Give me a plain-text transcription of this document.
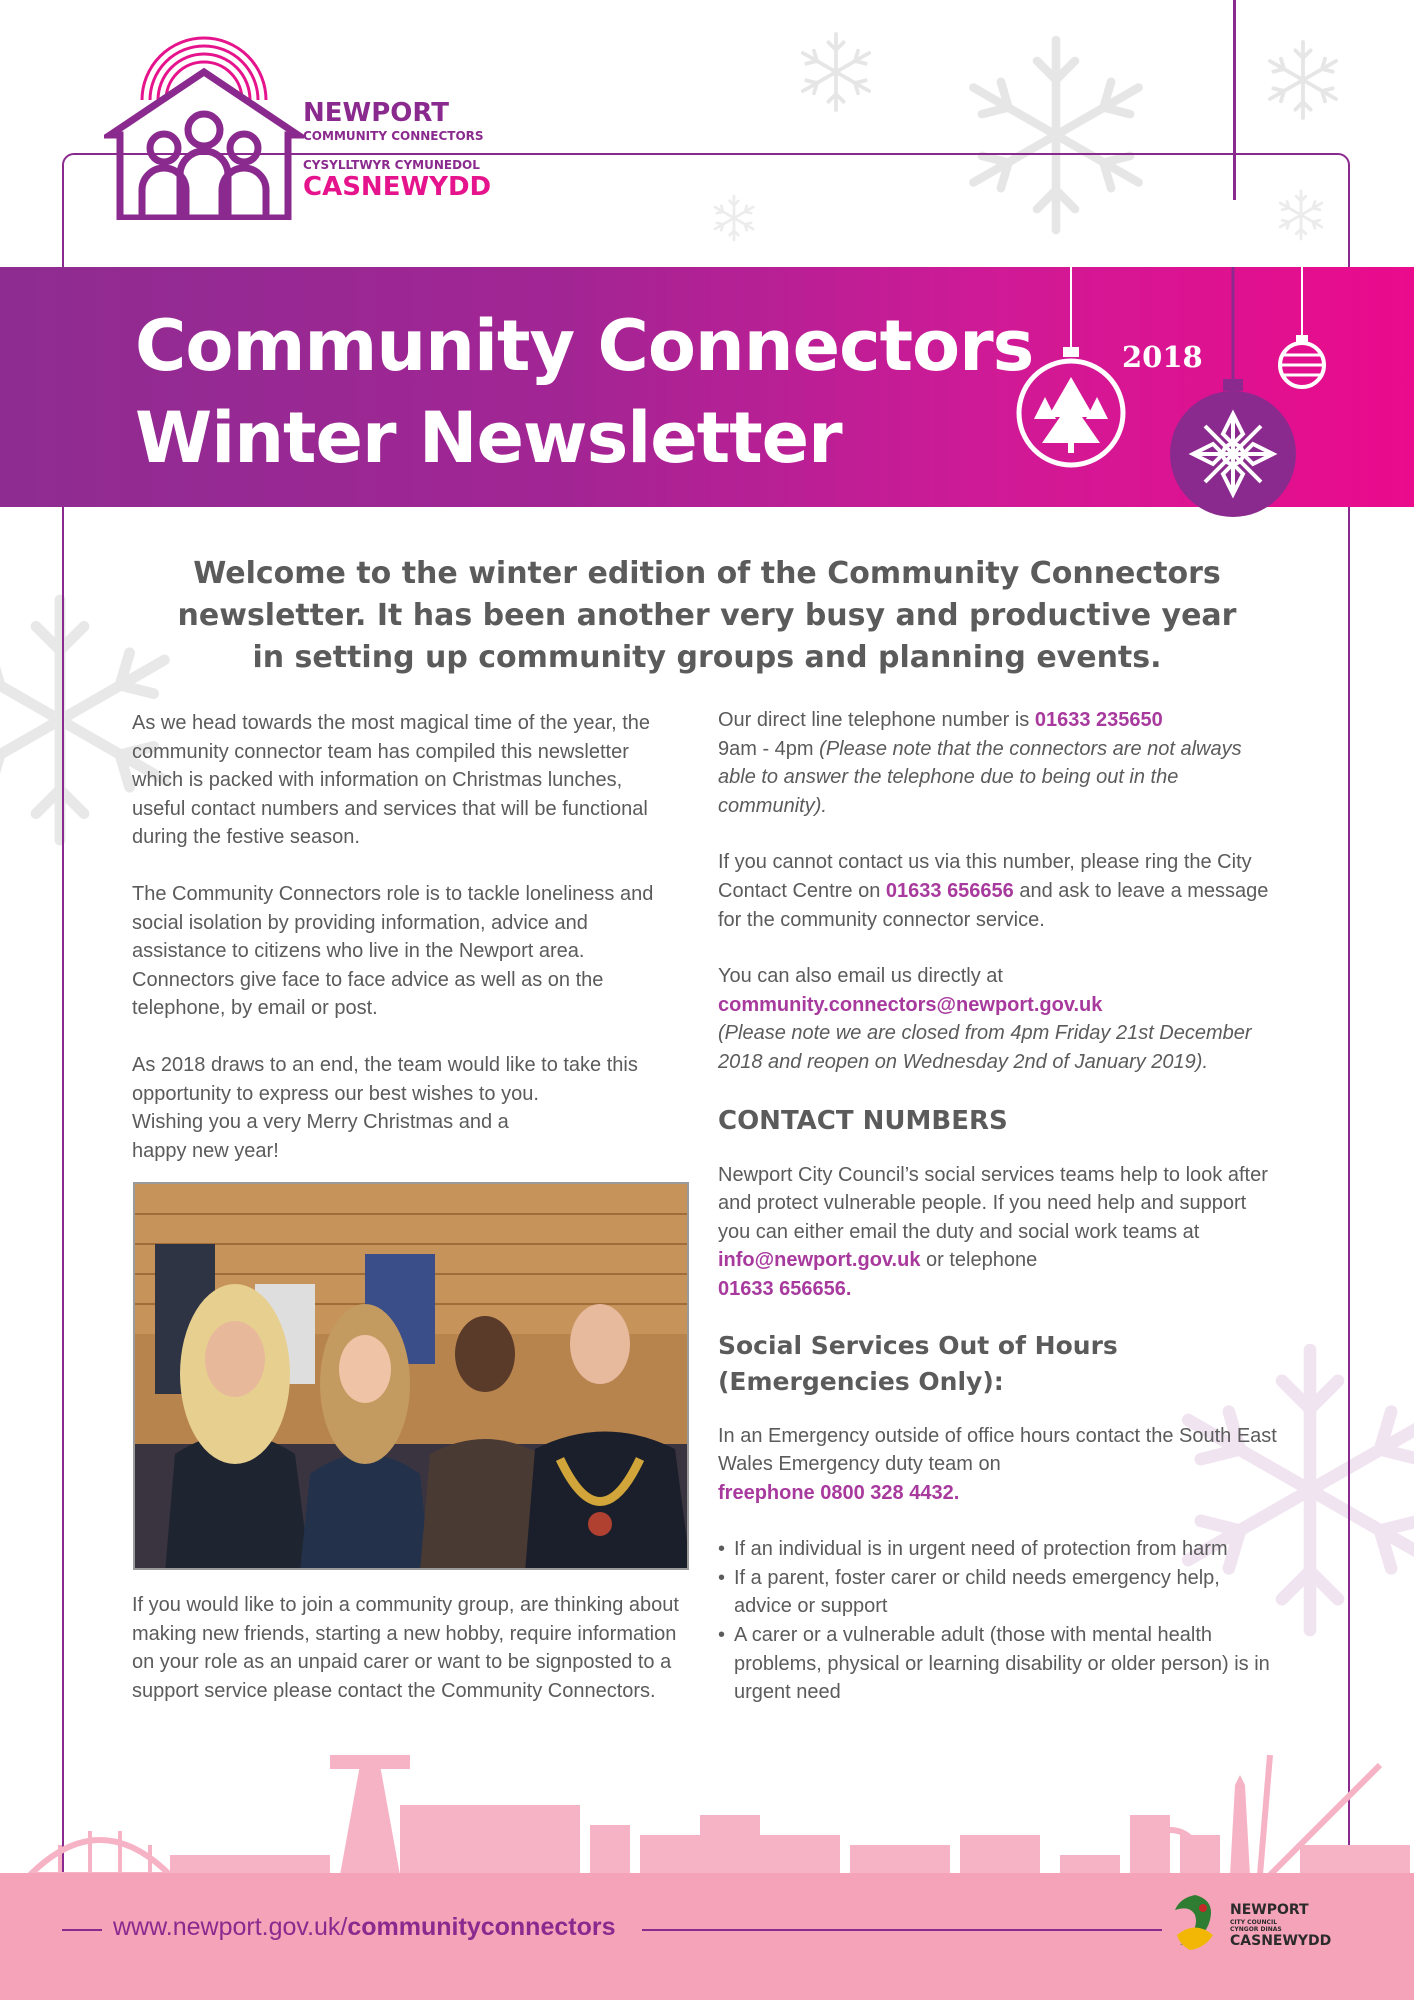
NEWPORT
COMMUNITY CONNECTORS
CYSYLLTWYR CYMUNEDOL
CASNEWYDD
Community Connectors
Winter Newsletter
2018
Welcome to the winter edition of the Community Connectors
newsletter. It has been another very busy and productive year
in setting up community groups and planning events.

As we head towards the most magical time of the year, the community connector team has compiled this newsletter which is packed with information on Christmas lunches, useful contact numbers and services that will be functional during the festive season.

The Community Connectors role is to tackle loneliness and social isolation by providing information, advice and assistance to citizens who live in the Newport area. Connectors give face to face advice as well as on the telephone, by email or post.

As 2018 draws to an end, the team would like to take this opportunity to express our best wishes to you.
Wishing you a very Merry Christmas and a
happy new year!

If you would like to join a community group, are thinking about making new friends, starting a new hobby, require information on your role as an unpaid carer or want to be signposted to a support service please contact the Community Connectors.

Our direct line telephone number is 01633 235650
9am - 4pm (Please note that the connectors are not always able to answer the telephone due to being out in the community).

If you cannot contact us via this number, please ring the City Contact Centre on 01633 656656 and ask to leave a message for the community connector service.

You can also email us directly at
community.connectors@newport.gov.uk
(Please note we are closed from 4pm Friday 21st December 2018 and reopen on Wednesday 2nd of January 2019).

CONTACT NUMBERS

Newport City Council’s social services teams help to look after and protect vulnerable people. If you need help and support you can either email the duty and social work teams at info@newport.gov.uk or telephone
01633 656656.

Social Services Out of Hours
(Emergencies Only):

In an Emergency outside of office hours contact the South East Wales Emergency duty team on
freephone 0800 328 4432.

• If an individual is in urgent need of protection from harm
• If a parent, foster carer or child needs emergency help, advice or support
• A carer or a vulnerable adult (those with mental health problems, physical or learning disability or older person) is in urgent need
www.newport.gov.uk/communityconnectors
NEWPORT
CITY COUNCIL
CYNGOR DINAS
CASNEWYDD
